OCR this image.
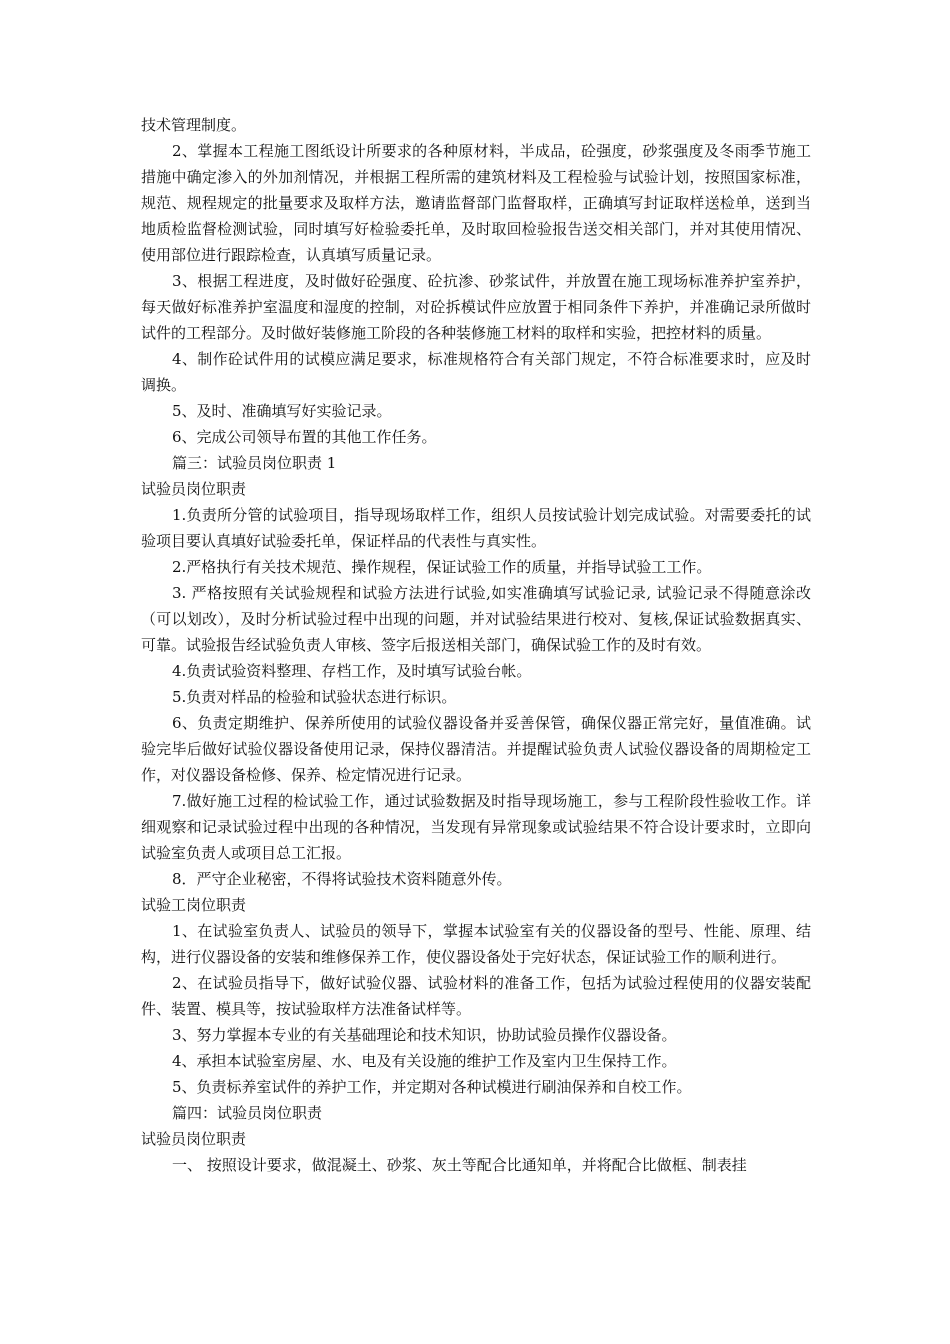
技术管理制度。

2、掌握本工程施工图纸设计所要求的各种原材料，半成品，砼强度，砂浆强度及冬雨季节施工措施中确定渗入的外加剂情况，并根据工程所需的建筑材料及工程检验与试验计划，按照国家标准，规范、规程规定的批量要求及取样方法，邀请监督部门监督取样，正确填写封证取样送检单，送到当地质检监督检测试验，同时填写好检验委托单，及时取回检验报告送交相关部门，并对其使用情况、使用部位进行跟踪检查，认真填写质量记录。

3、根据工程进度，及时做好砼强度、砼抗渗、砂浆试件，并放置在施工现场标准养护室养护，每天做好标准养护室温度和湿度的控制，对砼拆模试件应放置于相同条件下养护，并准确记录所做时试件的工程部分。及时做好装修施工阶段的各种装修施工材料的取样和实验，把控材料的质量。

4、制作砼试件用的试模应满足要求，标准规格符合有关部门规定，不符合标准要求时，应及时调换。

5、及时、准确填写好实验记录。

6、完成公司领导布置的其他工作任务。

篇三：试验员岗位职责 1

试验员岗位职责

1.负责所分管的试验项目，指导现场取样工作，组织人员按试验计划完成试验。对需要委托的试验项目要认真填好试验委托单，保证样品的代表性与真实性。

2.严格执行有关技术规范、操作规程，保证试验工作的质量，并指导试验工工作。

3. 严格按照有关试验规程和试验方法进行试验,如实准确填写试验记录, 试验记录不得随意涂改（可以划改），及时分析试验过程中出现的问题，并对试验结果进行校对、复核,保证试验数据真实、可靠。试验报告经试验负责人审核、签字后报送相关部门，确保试验工作的及时有效。

4.负责试验资料整理、存档工作，及时填写试验台帐。

5.负责对样品的检验和试验状态进行标识。

6、负责定期维护、保养所使用的试验仪器设备并妥善保管，确保仪器正常完好，量值准确。试验完毕后做好试验仪器设备使用记录，保持仪器清洁。并提醒试验负责人试验仪器设备的周期检定工作，对仪器设备检修、保养、检定情况进行记录。

7.做好施工过程的检试验工作，通过试验数据及时指导现场施工，参与工程阶段性验收工作。详细观察和记录试验过程中出现的各种情况，当发现有异常现象或试验结果不符合设计要求时，立即向试验室负责人或项目总工汇报。

8．严守企业秘密，不得将试验技术资料随意外传。

试验工岗位职责

1、在试验室负责人、试验员的领导下，掌握本试验室有关的仪器设备的型号、性能、原理、结构，进行仪器设备的安装和维修保养工作，使仪器设备处于完好状态，保证试验工作的顺利进行。

2、在试验员指导下，做好试验仪器、试验材料的准备工作，包括为试验过程使用的仪器安装配件、装置、模具等，按试验取样方法准备试样等。

3、努力掌握本专业的有关基础理论和技术知识，协助试验员操作仪器设备。

4、承担本试验室房屋、水、电及有关设施的维护工作及室内卫生保持工作。

5、负责标养室试件的养护工作，并定期对各种试模进行刷油保养和自校工作。

篇四：试验员岗位职责

试验员岗位职责

一、 按照设计要求，做混凝土、砂浆、灰土等配合比通知单，并将配合比做框、制表挂
